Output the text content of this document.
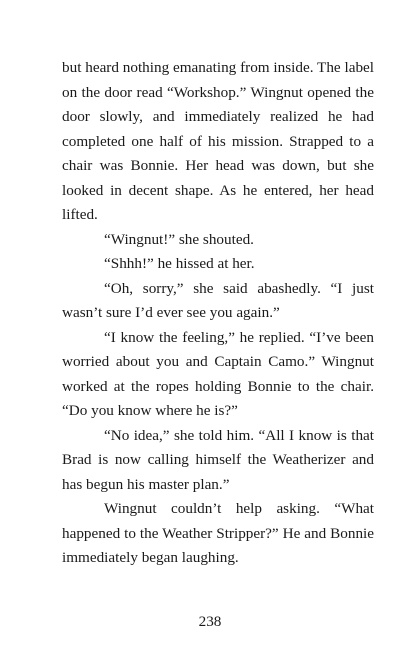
but heard nothing emanating from inside. The label on the door read “Workshop.” Wingnut opened the door slowly, and immediately realized he had completed one half of his mission. Strapped to a chair was Bonnie. Her head was down, but she looked in decent shape. As he entered, her head lifted.

“Wingnut!” she shouted.

“Shhh!” he hissed at her.

“Oh, sorry,” she said abashedly. “I just wasn’t sure I’d ever see you again.”

“I know the feeling,” he replied. “I’ve been worried about you and Captain Camo.” Wingnut worked at the ropes holding Bonnie to the chair. “Do you know where he is?”

“No idea,” she told him. “All I know is that Brad is now calling himself the Weatherizer and has begun his master plan.”

Wingnut couldn’t help asking. “What happened to the Weather Stripper?” He and Bonnie immediately began laughing.

238
